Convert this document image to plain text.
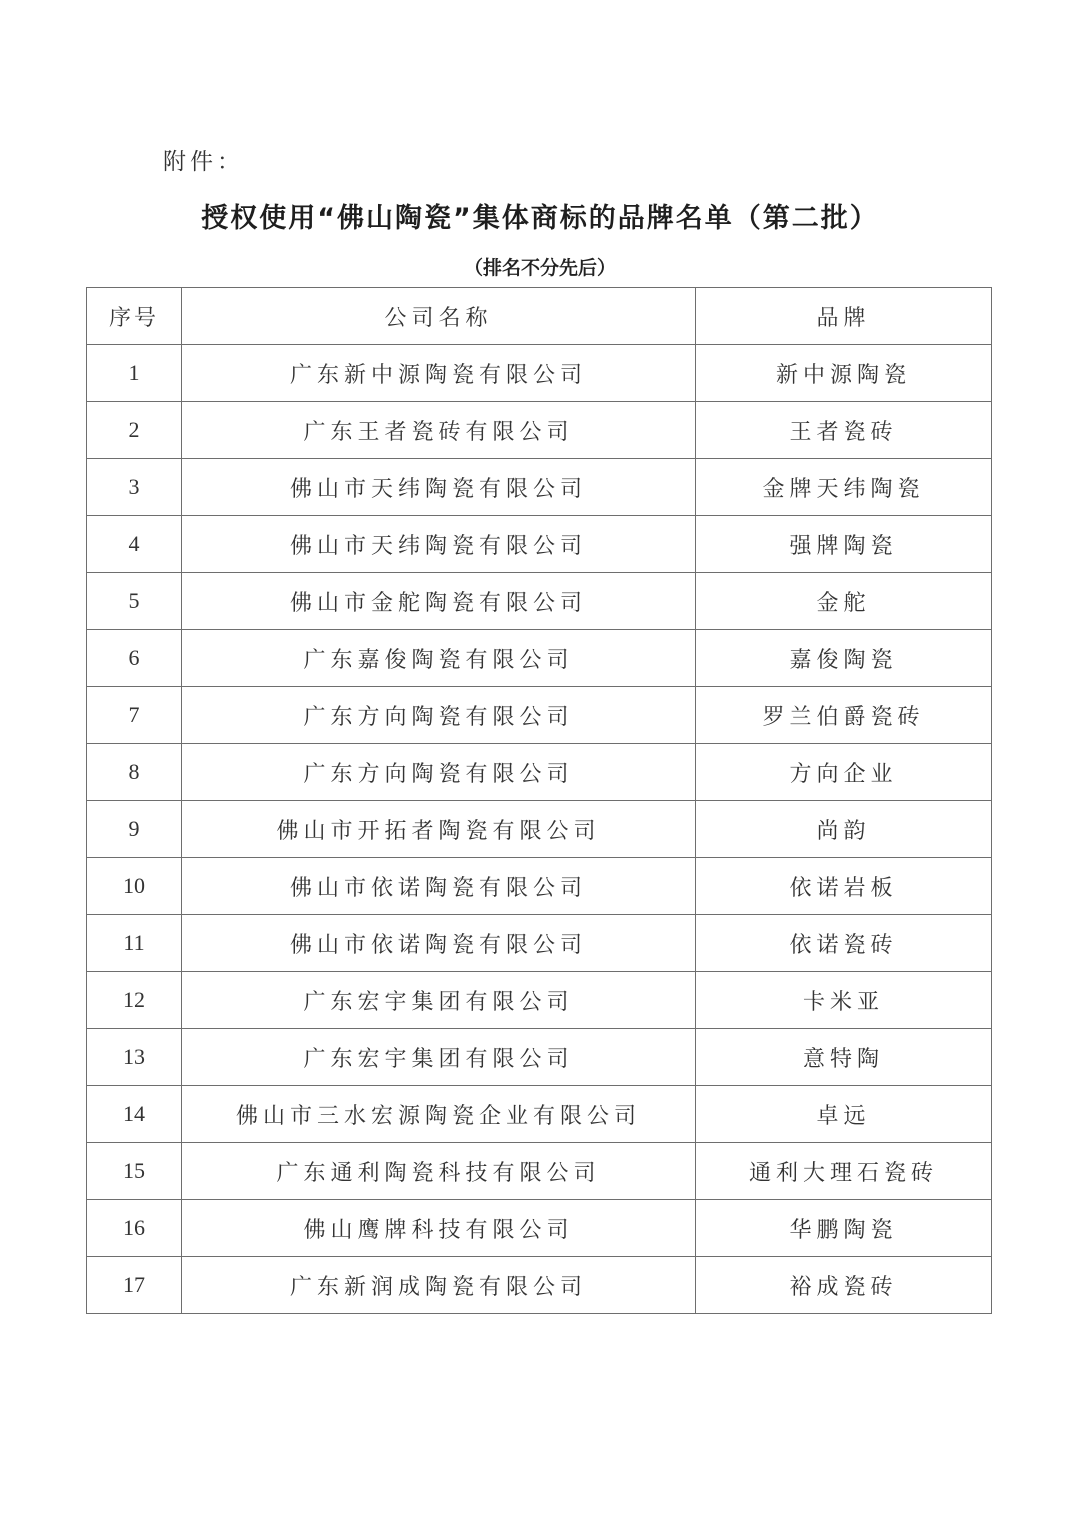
附件：
授权使用“佛山陶瓷”集体商标的品牌名单（第二批）
（排名不分先后）
序号	公司名称	品牌
1	广东新中源陶瓷有限公司	新中源陶瓷
2	广东王者瓷砖有限公司	王者瓷砖
3	佛山市天纬陶瓷有限公司	金牌天纬陶瓷
4	佛山市天纬陶瓷有限公司	强牌陶瓷
5	佛山市金舵陶瓷有限公司	金舵
6	广东嘉俊陶瓷有限公司	嘉俊陶瓷
7	广东方向陶瓷有限公司	罗兰伯爵瓷砖
8	广东方向陶瓷有限公司	方向企业
9	佛山市开拓者陶瓷有限公司	尚韵
10	佛山市依诺陶瓷有限公司	依诺岩板
11	佛山市依诺陶瓷有限公司	依诺瓷砖
12	广东宏宇集团有限公司	卡米亚
13	广东宏宇集团有限公司	意特陶
14	佛山市三水宏源陶瓷企业有限公司	卓远
15	广东通利陶瓷科技有限公司	通利大理石瓷砖
16	佛山鹰牌科技有限公司	华鹏陶瓷
17	广东新润成陶瓷有限公司	裕成瓷砖
